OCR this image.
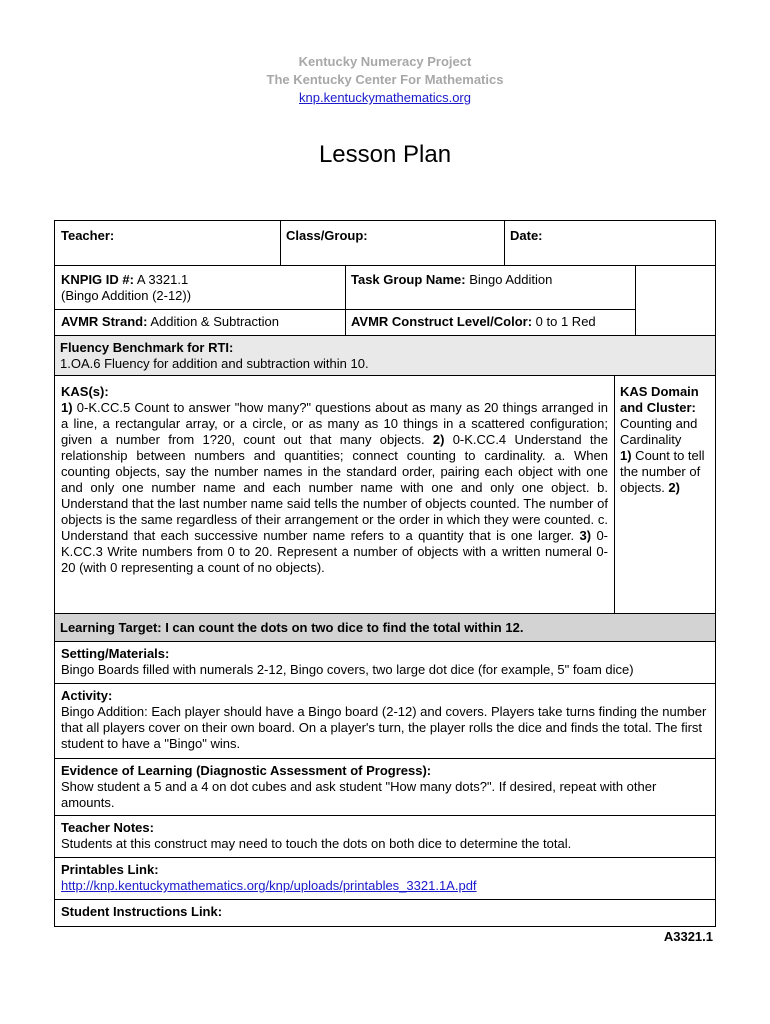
Kentucky Numeracy Project
The Kentucky Center For Mathematics
knp.kentuckymathematics.org
Lesson Plan
Teacher:	Class/Group:	Date:
KNPIG ID #: A 3321.1
(Bingo Addition (2-12))
Task Group Name: Bingo Addition
AVMR Strand: Addition & Subtraction	AVMR Construct Level/Color: 0 to 1 Red
Fluency Benchmark for RTI:
1.OA.6 Fluency for addition and subtraction within 10.
KAS(s):
1) 0-K.CC.5 Count to answer "how many?" questions about as many as 20 things arranged in a line, a rectangular array, or a circle, or as many as 10 things in a scattered configuration; given a number from 1?20, count out that many objects. 2) 0-K.CC.4 Understand the relationship between numbers and quantities; connect counting to cardinality. a. When counting objects, say the number names in the standard order, pairing each object with one and only one number name and each number name with one and only one object. b. Understand that the last number name said tells the number of objects counted. The number of objects is the same regardless of their arrangement or the order in which they were counted. c. Understand that each successive number name refers to a quantity that is one larger. 3) 0-K.CC.3 Write numbers from 0 to 20. Represent a number of objects with a written numeral 0-20 (with 0 representing a count of no objects).
KAS Domain and Cluster:
Counting and Cardinality
1) Count to tell the number of objects. 2)
Learning Target: I can count the dots on two dice to find the total within 12.
Setting/Materials:
Bingo Boards filled with numerals 2-12, Bingo covers, two large dot dice (for example, 5" foam dice)
Activity:
Bingo Addition: Each player should have a Bingo board (2-12) and covers. Players take turns finding the number that all players cover on their own board. On a player's turn, the player rolls the dice and finds the total. The first student to have a "Bingo" wins.
Evidence of Learning (Diagnostic Assessment of Progress):
Show student a 5 and a 4 on dot cubes and ask student "How many dots?". If desired, repeat with other amounts.
Teacher Notes:
Students at this construct may need to touch the dots on both dice to determine the total.
Printables Link:
http://knp.kentuckymathematics.org/knp/uploads/printables_3321.1A.pdf
Student Instructions Link:
A3321.1
